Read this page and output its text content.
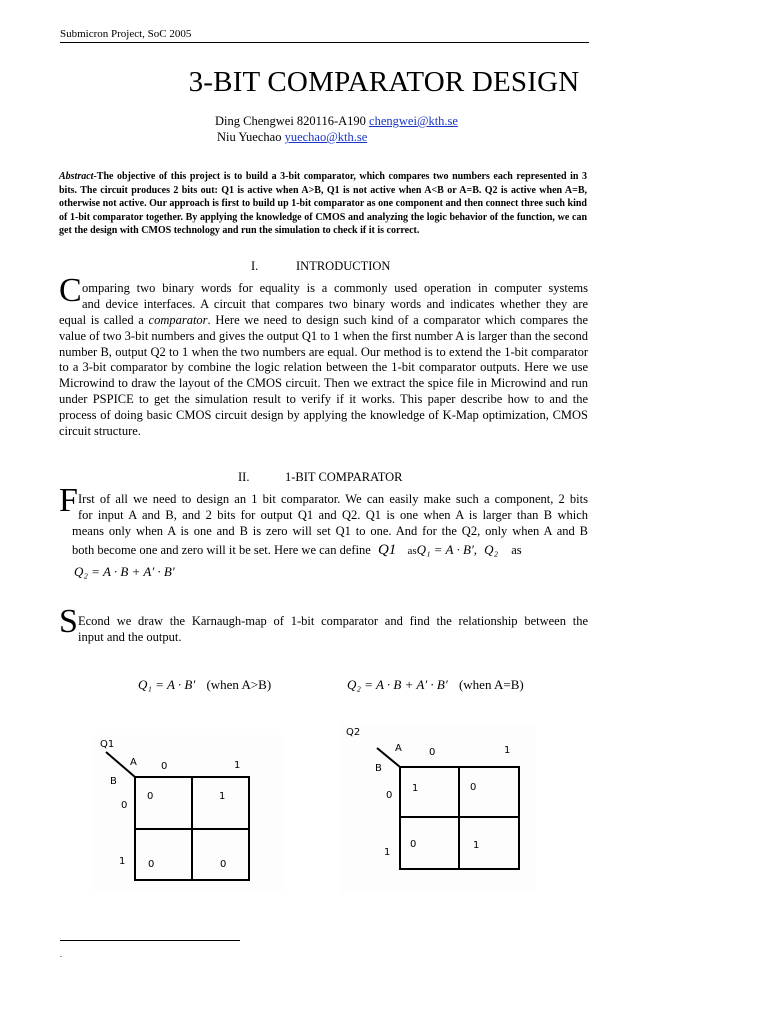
Submicron Project, SoC 2005
3-BIT COMPARATOR DESIGN
Ding Chengwei 820116-A190 chengwei@kth.se
Niu Yuechao yuechao@kth.se
Abstract-The objective of this project is to build a 3-bit comparator, which compares two numbers each represented in 3 bits. The circuit produces 2 bits out: Q1 is active when A>B, Q1 is not active when A<B or A=B. Q2 is active when A=B, otherwise not active. Our approach is first to build up 1-bit comparator as one component and then connect three such kind of 1-bit comparator together. By applying the knowledge of CMOS and analyzing the logic behavior of the function, we can get the design with CMOS technology and run the simulation to check if it is correct.
I.	INTRODUCTION
C omparing two binary words for equality is a commonly used operation in computer systems
and device interfaces. A circuit that compares two binary words and indicates whether they are
equal is called a comparator. Here we need to design such kind of a comparator which compares the value of two 3-bit numbers and gives the output Q1 to 1 when the first number A is larger than the second number B, output Q2 to 1 when the two numbers are equal. Our method is to extend the 1-bit comparator to a 3-bit comparator by combine the logic relation between the 1-bit comparator outputs. Here we use Microwind to draw the layout of the CMOS circuit. Then we extract the spice file in Microwind and run under PSPICE to get the simulation result to verify if it works. This paper describe how to and the process of doing basic CMOS circuit design by applying the knowledge of K-Map optimization, CMOS circuit structure.
II.	1-BIT COMPARATOR
F Irst of all we need to design an 1 bit comparator. We can easily make such a component, 2 bits
for input A and B, and 2 bits for output Q1 and Q2. Q1 is one when A is larger than B which
means only when A is one and B is zero will set Q1 to one. And for the Q2, only when A and B
both become one and zero will it be set. Here we can define Q1 asQ₁ = A · B′, Q₂ as
Q₂ = A · B + A′ · B′
S Econd we draw the Karnaugh-map of 1-bit comparator and find the relationship between the
input and the output.
Q₁ = A · B′ (when A>B)	Q₂ = A · B + A′ · B′ (when A=B)
Q1
A
B
0	1
0
1
0	1
0	0
Q2
A
B
0	1
0
1
1	0
0	1
.
